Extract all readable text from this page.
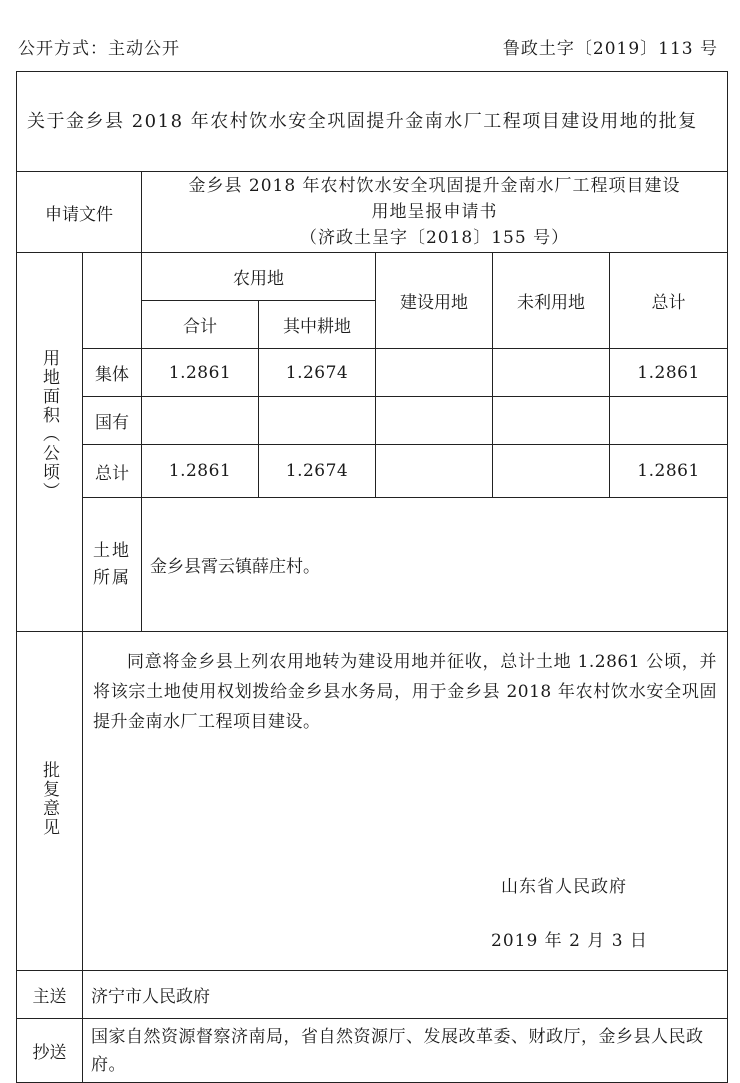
公开方式：主动公开	鲁政土字〔2019〕113 号
关于金乡县 2018 年农村饮水安全巩固提升金南水厂工程项目建设用地的批复						
申请文件		金乡县 2018 年农村饮水安全巩固提升金南水厂工程项目建设
用地呈报申请书
（济政土呈字〔2018〕155 号）				

用地面积（公顷）		农用地		建设用地	未利用地	总计
		合计	其中耕地			
	集体	1.2861	1.2674			1.2861
	国有					
	总计	1.2861	1.2674			1.2861

	土地所属	金乡县霄云镇薛庄村。				
批复意见	同意将金乡县上列农用地转为建设用地并征收，总计土地 1.2861 公顷，并将该宗土地使用权划拨给金乡县水务局，用于金乡县 2018 年农村饮水安全巩固提升金南水厂工程项目建设。
山东省人民政府
2019 年 2 月 3 日					

主送	济宁市人民政府					
抄送	国家自然资源督察济南局，省自然资源厅、发展改革委、财政厅，金乡县人民政府。					
